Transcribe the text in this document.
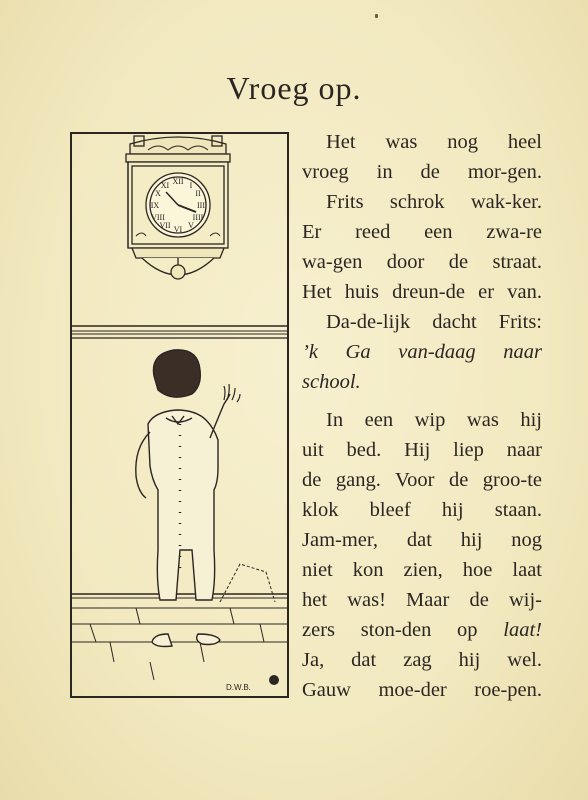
Vroeg op.
XII I
II
III
IIII
V
VI
VII
VIII
IX
X
XI
D.W.B.
Het was nog heel
vroeg in de mor-gen.
Frits schrok wak-ker.
Er reed een zwa-re
wa-gen door de straat.
Het huis dreun-de er van.
Da-de-lijk dacht Frits:
’k Ga van-daag naar
school.
In een wip was hij
uit bed. Hij liep naar
de gang. Voor de groo-te
klok bleef hij staan.
Jam-mer, dat hij nog
niet kon zien, hoe laat
het was! Maar de wij-
zers ston-den op laat!
Ja, dat zag hij wel.
Gauw moe-der roe-pen.
